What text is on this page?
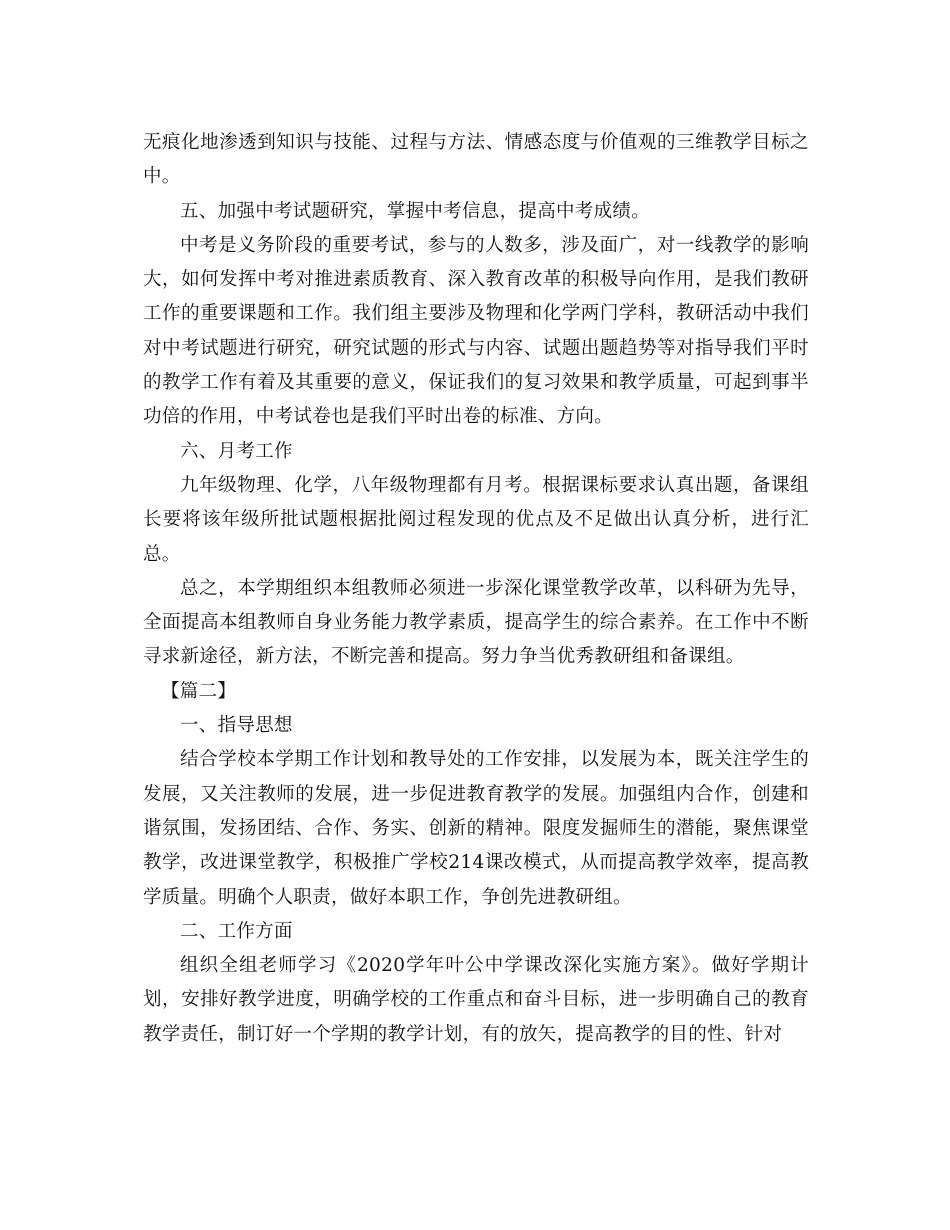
无痕化地渗透到知识与技能、过程与方法、情感态度与价值观的三维教学目标之中。

五、加强中考试题研究，掌握中考信息，提高中考成绩。

中考是义务阶段的重要考试，参与的人数多，涉及面广，对一线教学的影响大，如何发挥中考对推进素质教育、深入教育改革的积极导向作用，是我们教研工作的重要课题和工作。我们组主要涉及物理和化学两门学科，教研活动中我们对中考试题进行研究，研究试题的形式与内容、试题出题趋势等对指导我们平时的教学工作有着及其重要的意义，保证我们的复习效果和教学质量，可起到事半功倍的作用，中考试卷也是我们平时出卷的标准、方向。

六、月考工作

九年级物理、化学，八年级物理都有月考。根据课标要求认真出题，备课组长要将该年级所批试题根据批阅过程发现的优点及不足做出认真分析，进行汇总。

总之，本学期组织本组教师必须进一步深化课堂教学改革，以科研为先导，全面提高本组教师自身业务能力教学素质，提高学生的综合素养。在工作中不断寻求新途径，新方法，不断完善和提高。努力争当优秀教研组和备课组。

【篇二】

一、指导思想

结合学校本学期工作计划和教导处的工作安排，以发展为本，既关注学生的发展，又关注教师的发展，进一步促进教育教学的发展。加强组内合作，创建和谐氛围，发扬团结、合作、务实、创新的精神。限度发掘师生的潜能，聚焦课堂教学，改进课堂教学，积极推广学校214课改模式，从而提高教学效率，提高教学质量。明确个人职责，做好本职工作，争创先进教研组。

二、工作方面

组织全组老师学习《2020学年叶公中学课改深化实施方案》。做好学期计划，安排好教学进度，明确学校的工作重点和奋斗目标，进一步明确自己的教育教学责任，制订好一个学期的教学计划，有的放矢，提高教学的目的性、针对
